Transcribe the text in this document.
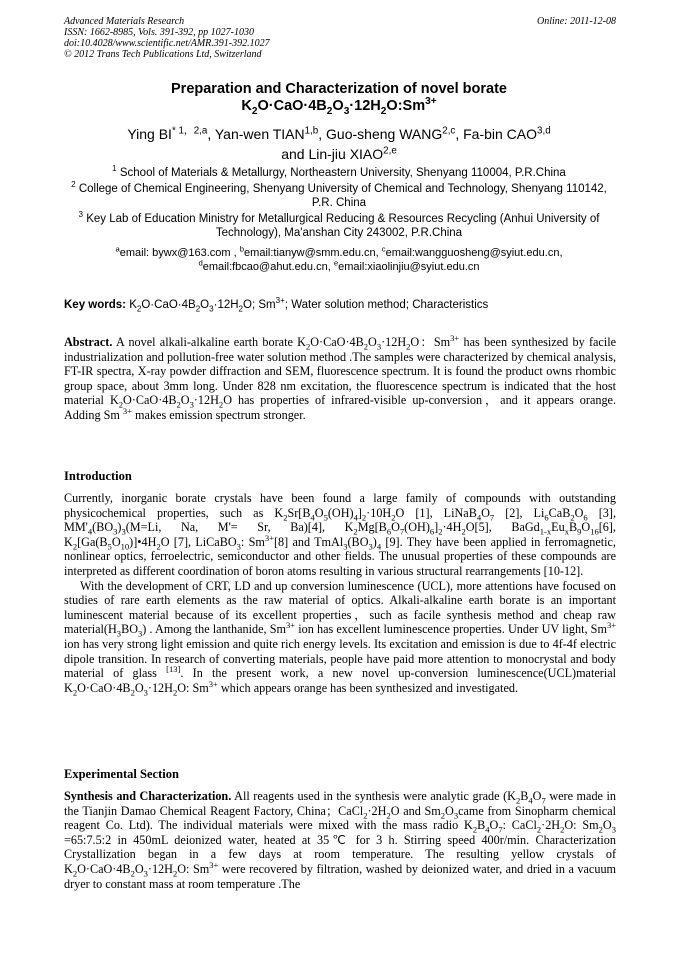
Advanced Materials Research
ISSN: 1662-8985, Vols. 391-392, pp 1027-1030
doi:10.4028/www.scientific.net/AMR.391-392.1027
© 2012 Trans Tech Publications Ltd, Switzerland
Online: 2011-12-08
Preparation and Characterization of novel borate
$K_2O\cdot CaO\cdot 4B_2O_3\cdot 12H_2O:Sm^{3+}$
Ying $BI^{* 1,2,a}$, Yan-wen TIAN$^{1,b}$, Guo-sheng WANG$^{2,c}$, Fa-bin CAO$^{3,d}$
and Lin-jiu XIAO$^{2,e}$

$^1$ School of Materials & Metallurgy, Northeastern University, Shenyang 110004, P.R.China

$^2$ College of Chemical Engineering, Shenyang University of Chemical and Technology, Shenyang 110142, P.R. China

$^3$ Key Lab of Education Ministry for Metallurgical Reducing & Resources Recycling (Anhui University of Technology), Ma'anshan City 243002, P.R.China

$^a$email: bywx@163.com , $^b$email:tianyw@smm.edu.cn, $^c$email:wangguosheng@syiut.edu.cn,
$^d$email:fbcao@ahut.edu.cn, $^e$email:xiaolinjiu@syiut.edu.cn
Key words: $K_2O\cdot CaO\cdot 4B_2O_3\cdot 12H_2O$; $Sm^{3+}$; Water solution method; Characteristics

Abstract. A novel alkali-alkaline earth borate $K_2O\cdot CaO\cdot 4B_2O_3\cdot 12H_2O$：$Sm^{3+}$ has been synthesized by facile industrialization and pollution-free water solution method .The samples were characterized by chemical analysis, FT-IR spectra, X-ray powder diffraction and SEM, fluorescence spectrum. It is found the product owns rhombic group space, about 3mm long. Under 828 nm excitation, the fluorescence spectrum is indicated that the host material $K_2O\cdot CaO\cdot 4B_2O_3\cdot 12H_2O$ has properties of infrared-visible up-conversion，and it appears orange. Adding Sm $^{3+}$ makes emission spectrum stronger.

Introduction

Currently, inorganic borate crystals have been found a large family of compounds with outstanding physicochemical properties, such as $K_2Sr[B_4O_5(OH)_4]_2\cdot 10H_2O$ [1], $LiNaB_4O_7$ [2], $Li_6CaB_2O_6$ [3], $MM'_4(BO_3)_3(M=Li$, Na, M'= Sr, Ba)[4], $K_2Mg[B_6O_7(OH)_6]_2\cdot 4H_2O[5]$, $BaGd_{1-x}Eu_xB_9O_{16}[6]$, $K_2[Ga(B_5O_{10})]•4H_2O$ [7], LiCaBO$_3$: $Sm^{3+}[8]$ and $TmAl_3(BO_3)_4$ [9]. They have been applied in ferromagnetic, nonlinear optics, ferroelectric, semiconductor and other fields. The unusual properties of these compounds are interpreted as different coordination of boron atoms resulting in various structural rearrangements [10-12].

With the development of CRT, LD and up conversion luminescence (UCL), more attentions have focused on studies of rare earth elements as the raw material of optics. Alkali-alkaline earth borate is an important luminescent material because of its excellent properties，such as facile synthesis method and cheap raw $material(H_3BO_3)$ . Among the lanthanide, $Sm^{3+}$ ion has excellent luminescence properties. Under UV light, $Sm^{3+}$ ion has very strong light emission and quite rich energy levels. Its excitation and emission is due to 4f-4f electric dipole transition. In research of converting materials, people have paid more attention to monocrystal and body material of glass [13]. In the present work, a new novel up-conversion luminescence(UCL)material $K_2O\cdot CaO\cdot 4B_2O_3\cdot 12H_2O$: $Sm^{3+}$ which appears orange has been synthesized and investigated.

Experimental Section

Synthesis and Characterization. All reagents used in the synthesis were analytic grade ($K_2B_4O_7$ were made in the Tianjin Damao Chemical Reagent Factory, China；$CaCl_2\cdot 2H_2O$ and $Sm_2O_3came$ from Sinopharm chemical reagent Co. Ltd). The individual materials were mixed with the mass radio $K_2B_4O_7$: $CaCl_2\cdot 2H_2O$: $Sm_2O_3$ =65:7.5:2 in 450mL deionized water, heated at 35℃ for 3 h. Stirring speed 400r/min. Characterization Crystallization began in a few days at room temperature. The resulting yellow crystals of $K_2O\cdot CaO\cdot 4B_2O_3\cdot 12H_2O$: $Sm^{3+}$ were recovered by filtration, washed by deionized water, and dried in a vacuum dryer to constant mass at room temperature .The
